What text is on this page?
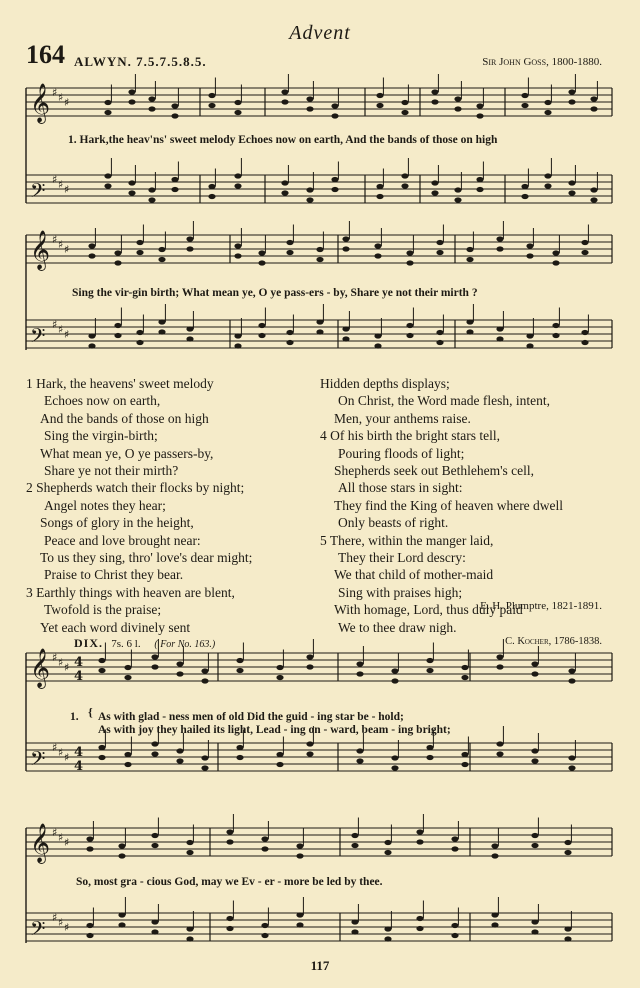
Advent
164 ALWYN. 7.5.7.5.8.5.	Sir John Goss, 1800-1880.
𝄞 ♯ ♯ ♯
𝄢 ♯ ♯ ♯
𝄞 ♯ ♯ ♯
𝄢 ♯ ♯ ♯
1. Hark,the heav'ns' sweet melody Echoes now on earth, And the bands of those on high
Sing the vir-gin birth; What mean ye, O ye pass-ers - by, Share ye not their mirth ?
1 Hark, the heavens' sweet melody
Echoes now on earth,
And the bands of those on high
Sing the virgin-birth;
What mean ye, O ye passers-by,
Share ye not their mirth?
2 Shepherds watch their flocks by night;
Angel notes they hear;
Songs of glory in the height,
Peace and love brought near:
To us they sing, thro' love's dear might;
Praise to Christ they bear.
3 Earthly things with heaven are blent,
Twofold is the praise;
Yet each word divinely sent
Hidden depths displays;
On Christ, the Word made flesh, intent,
Men, your anthems raise.
4 Of his birth the bright stars tell,
Pouring floods of light;
Shepherds seek out Bethlehem's cell,
All those stars in sight:
They find the King of heaven where dwell
Only beasts of right.
5 There, within the manger laid,
They their Lord descry:
We that child of mother-maid
Sing with praises high;
With homage, Lord, thus duly paid
We to thee draw nigh.
E. H. Plumptre, 1821-1891.
DIX. 7s. 6 l. ( For No. 163.)	C. Kocher, 1786-1838.
𝄞 ♯ ♯ ♯ 4
4
𝄢 ♯ ♯ ♯ 4
4
𝄞 ♯ ♯ ♯
𝄢 ♯ ♯ ♯
1. { As with glad - ness men of old Did the guid - ing star be - hold;
As with joy they hailed its light, Lead - ing on - ward, beam - ing bright;
So, most gra - cious God, may we Ev - er - more be led by thee.
117
